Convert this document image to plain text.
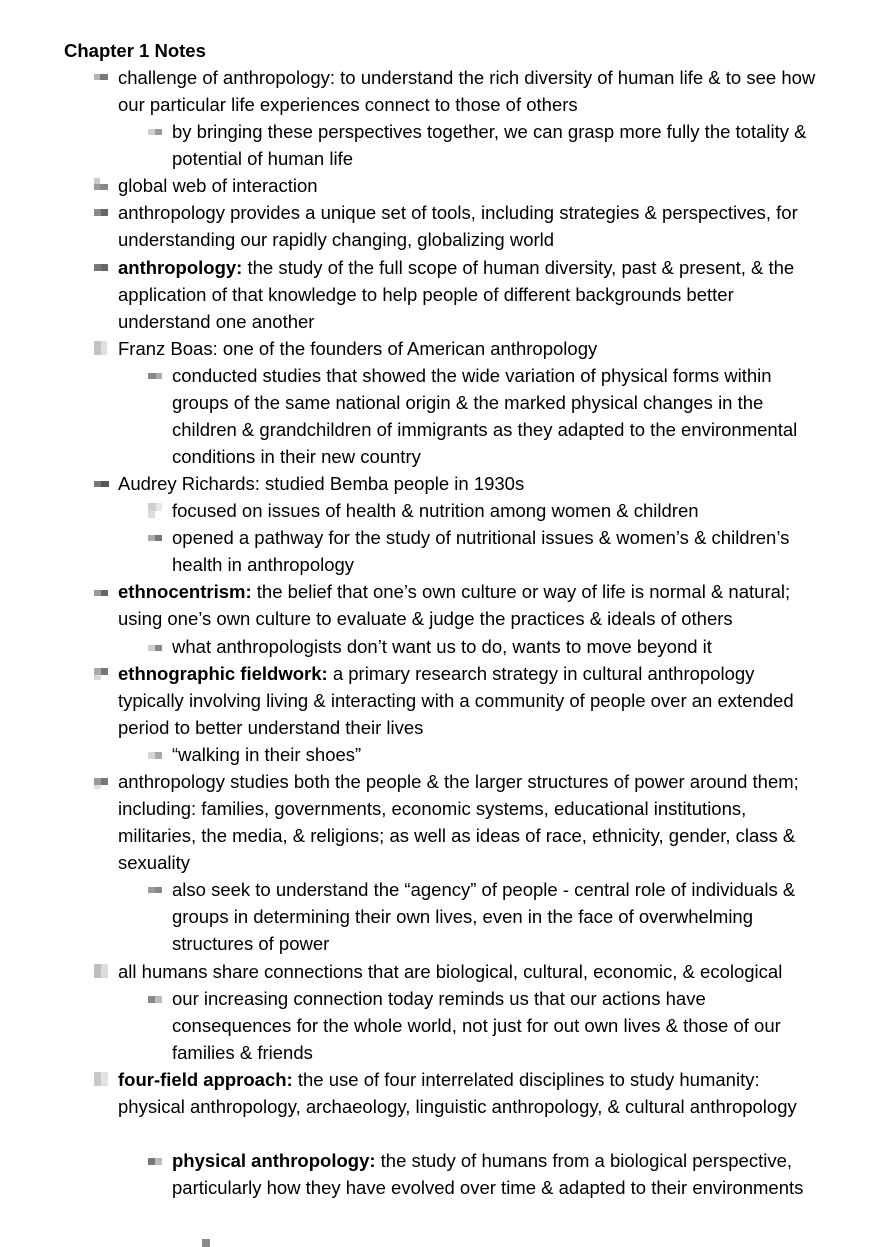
Chapter 1 Notes
challenge of anthropology: to understand the rich diversity of human life & to see how our particular life experiences connect to those of others
by bringing these perspectives together, we can grasp more fully the totality & potential of human life
global web of interaction
anthropology provides a unique set of tools, including strategies & perspectives, for understanding our rapidly changing, globalizing world
anthropology: the study of the full scope of human diversity, past & present, & the application of that knowledge to help people of different backgrounds better understand one another
Franz Boas: one of the founders of American anthropology
conducted studies that showed the wide variation of physical forms within groups of the same national origin & the marked physical changes in the children & grandchildren of immigrants as they adapted to the environmental conditions in their new country
Audrey Richards: studied Bemba people in 1930s
focused on issues of health & nutrition among women & children
opened a pathway for the study of nutritional issues & women’s & children’s health in anthropology
ethnocentrism: the belief that one’s own culture or way of life is normal & natural; using one’s own culture to evaluate & judge the practices & ideals of others
what anthropologists don’t want us to do, wants to move beyond it
ethnographic fieldwork: a primary research strategy in cultural anthropology typically involving living & interacting with a community of people over an extended period to better understand their lives
“walking in their shoes”
anthropology studies both the people & the larger structures of power around them; including: families, governments, economic systems, educational institutions, militaries, the media, & religions; as well as ideas of race, ethnicity, gender, class & sexuality
also seek to understand the “agency” of people - central role of individuals & groups in determining their own lives, even in the face of overwhelming structures of power
all humans share connections that are biological, cultural, economic, & ecological
our increasing connection today reminds us that our actions have consequences for the whole world, not just for out own lives & those of our families & friends
four-field approach: the use of four interrelated disciplines to study humanity: physical anthropology, archaeology, linguistic anthropology, & cultural anthropology
physical anthropology: the study of humans from a biological perspective, particularly how they have evolved over time & adapted to their environments
